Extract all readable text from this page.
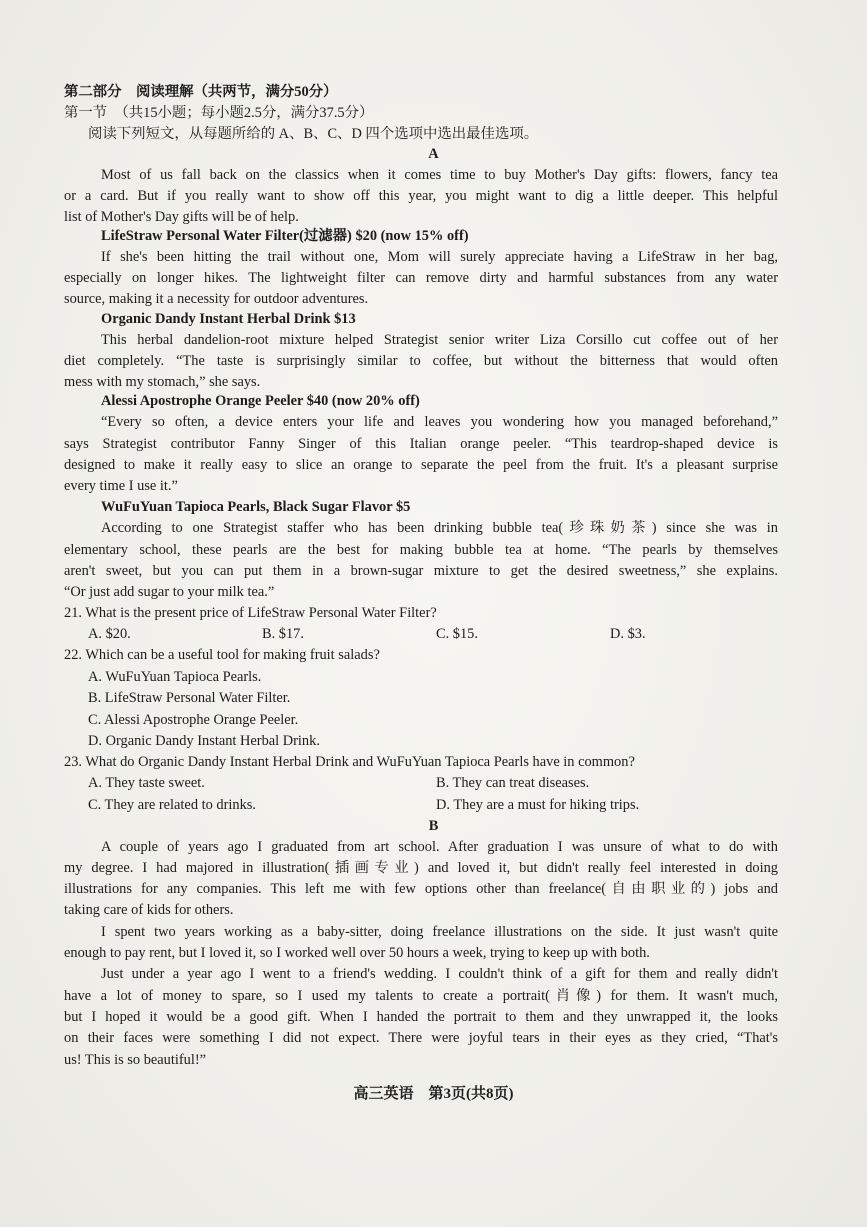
第二部分　阅读理解（共两节，满分50分）
第一节　（共15小题；每小题2.5分，满分37.5分）
阅读下列短文，从每题所给的 A、B、C、D 四个选项中选出最佳选项。
A
Most of us fall back on the classics when it comes time to buy Mother's Day gifts: flowers, fancy tea
or a card. But if you really want to show off this year, you might want to dig a little deeper. This helpful
list of Mother's Day gifts will be of help.
LifeStraw Personal Water Filter(过滤器) $20 (now 15% off)
If she's been hitting the trail without one, Mom will surely appreciate having a LifeStraw in her bag,
especially on longer hikes. The lightweight filter can remove dirty and harmful substances from any water
source, making it a necessity for outdoor adventures.
Organic Dandy Instant Herbal Drink $13
This herbal dandelion-root mixture helped Strategist senior writer Liza Corsillo cut coffee out of her
diet completely. “The taste is surprisingly similar to coffee, but without the bitterness that would often
mess with my stomach,” she says.
Alessi Apostrophe Orange Peeler $40 (now 20% off)
“Every so often, a device enters your life and leaves you wondering how you managed beforehand,”
says Strategist contributor Fanny Singer of this Italian orange peeler. “This teardrop-shaped device is
designed to make it really easy to slice an orange to separate the peel from the fruit. It's a pleasant surprise
every time I use it.”
WuFuYuan Tapioca Pearls, Black Sugar Flavor $5
According to one Strategist staffer who has been drinking bubble tea(珍珠奶茶) since she was in
elementary school, these pearls are the best for making bubble tea at home. “The pearls by themselves
aren't sweet, but you can put them in a brown-sugar mixture to get the desired sweetness,” she explains.
“Or just add sugar to your milk tea.”
21. What is the present price of LifeStraw Personal Water Filter?
A. $20.	B. $17.	C. $15.	D. $3.
22. Which can be a useful tool for making fruit salads?
A. WuFuYuan Tapioca Pearls.
B. LifeStraw Personal Water Filter.
C. Alessi Apostrophe Orange Peeler.
D. Organic Dandy Instant Herbal Drink.
23. What do Organic Dandy Instant Herbal Drink and WuFuYuan Tapioca Pearls have in common?
A. They taste sweet.	B. They can treat diseases.
C. They are related to drinks.	D. They are a must for hiking trips.
B
A couple of years ago I graduated from art school. After graduation I was unsure of what to do with
my degree. I had majored in illustration(插画专业) and loved it, but didn't really feel interested in doing
illustrations for any companies. This left me with few options other than freelance(自由职业的) jobs and
taking care of kids for others.
I spent two years working as a baby-sitter, doing freelance illustrations on the side. It just wasn't quite
enough to pay rent, but I loved it, so I worked well over 50 hours a week, trying to keep up with both.
Just under a year ago I went to a friend's wedding. I couldn't think of a gift for them and really didn't
have a lot of money to spare, so I used my talents to create a portrait(肖像) for them. It wasn't much,
but I hoped it would be a good gift. When I handed the portrait to them and they unwrapped it, the looks
on their faces were something I did not expect. There were joyful tears in their eyes as they cried, “That's
us! This is so beautiful!”
高三英语　第3页(共8页)
